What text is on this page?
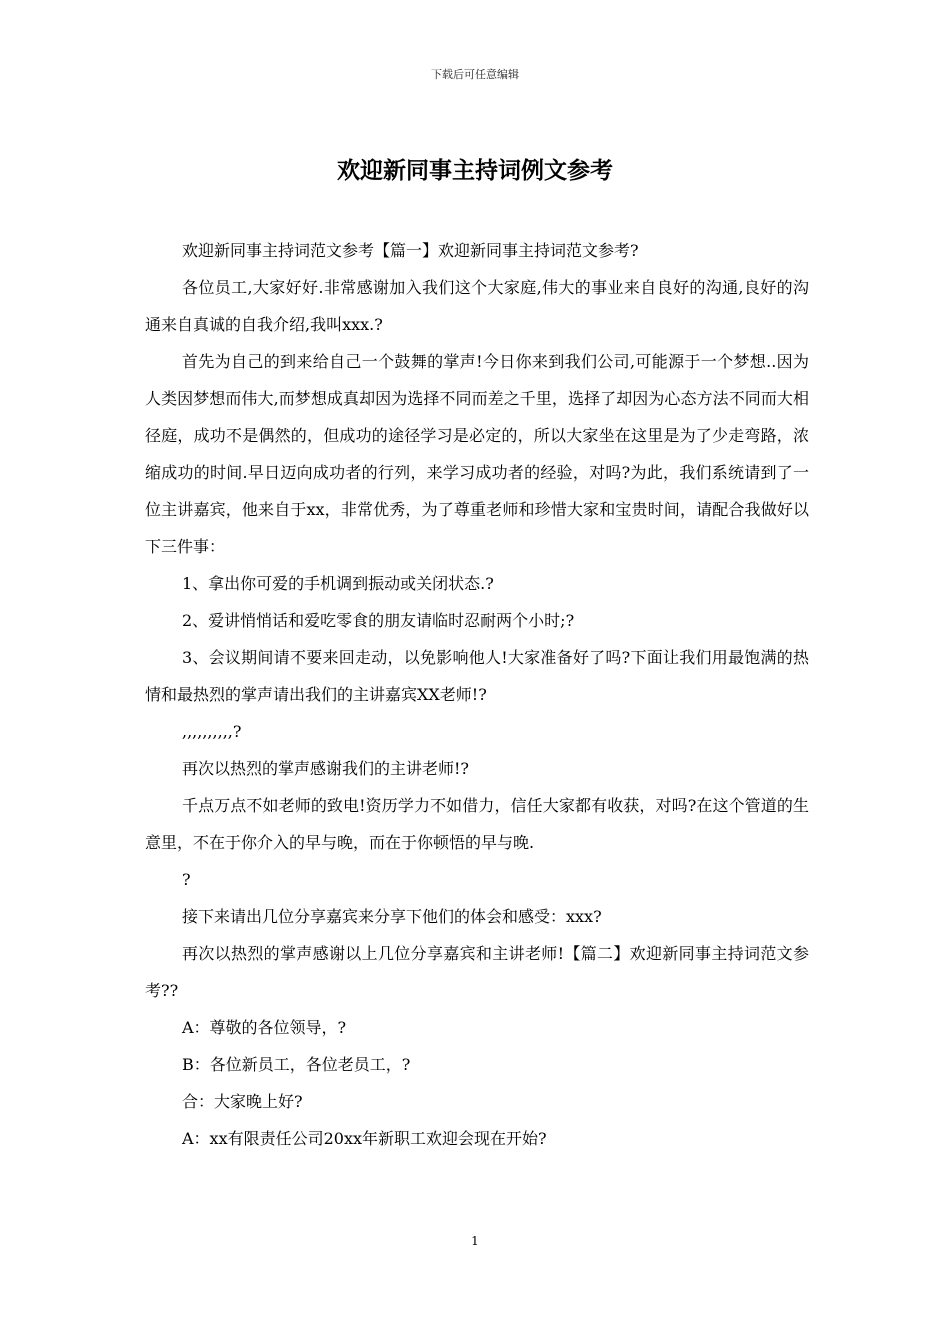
下载后可任意编辑
欢迎新同事主持词例文参考

欢迎新同事主持词范文参考【篇一】欢迎新同事主持词范文参考?

各位员工,大家好好.非常感谢加入我们这个大家庭,伟大的事业来自良好的沟通,良好的沟通来自真诚的自我介绍,我叫xxx.?

首先为自己的到来给自己一个鼓舞的掌声!今日你来到我们公司,可能源于一个梦想..因为人类因梦想而伟大,而梦想成真却因为选择不同而差之千里，选择了却因为心态方法不同而大相径庭，成功不是偶然的，但成功的途径学习是必定的，所以大家坐在这里是为了少走弯路，浓缩成功的时间.早日迈向成功者的行列，来学习成功者的经验，对吗?为此，我们系统请到了一位主讲嘉宾，他来自于xx，非常优秀，为了尊重老师和珍惜大家和宝贵时间，请配合我做好以下三件事：

1、拿出你可爱的手机调到振动或关闭状态.?

2、爱讲悄悄话和爱吃零食的朋友请临时忍耐两个小时;?

3、会议期间请不要来回走动，以免影响他人!大家准备好了吗?下面让我们用最饱满的热情和最热烈的掌声请出我们的主讲嘉宾XX老师!?

,,,,,,,,,,?

再次以热烈的掌声感谢我们的主讲老师!?

千点万点不如老师的致电!资历学力不如借力，信任大家都有收获，对吗?在这个管道的生意里，不在于你介入的早与晚，而在于你顿悟的早与晚.

?

接下来请出几位分享嘉宾来分享下他们的体会和感受：xxx?

再次以热烈的掌声感谢以上几位分享嘉宾和主讲老师!【篇二】欢迎新同事主持词范文参考??

A：尊敬的各位领导，?

B：各位新员工，各位老员工，?

合：大家晚上好?

A：xx有限责任公司20xx年新职工欢迎会现在开始?

1
